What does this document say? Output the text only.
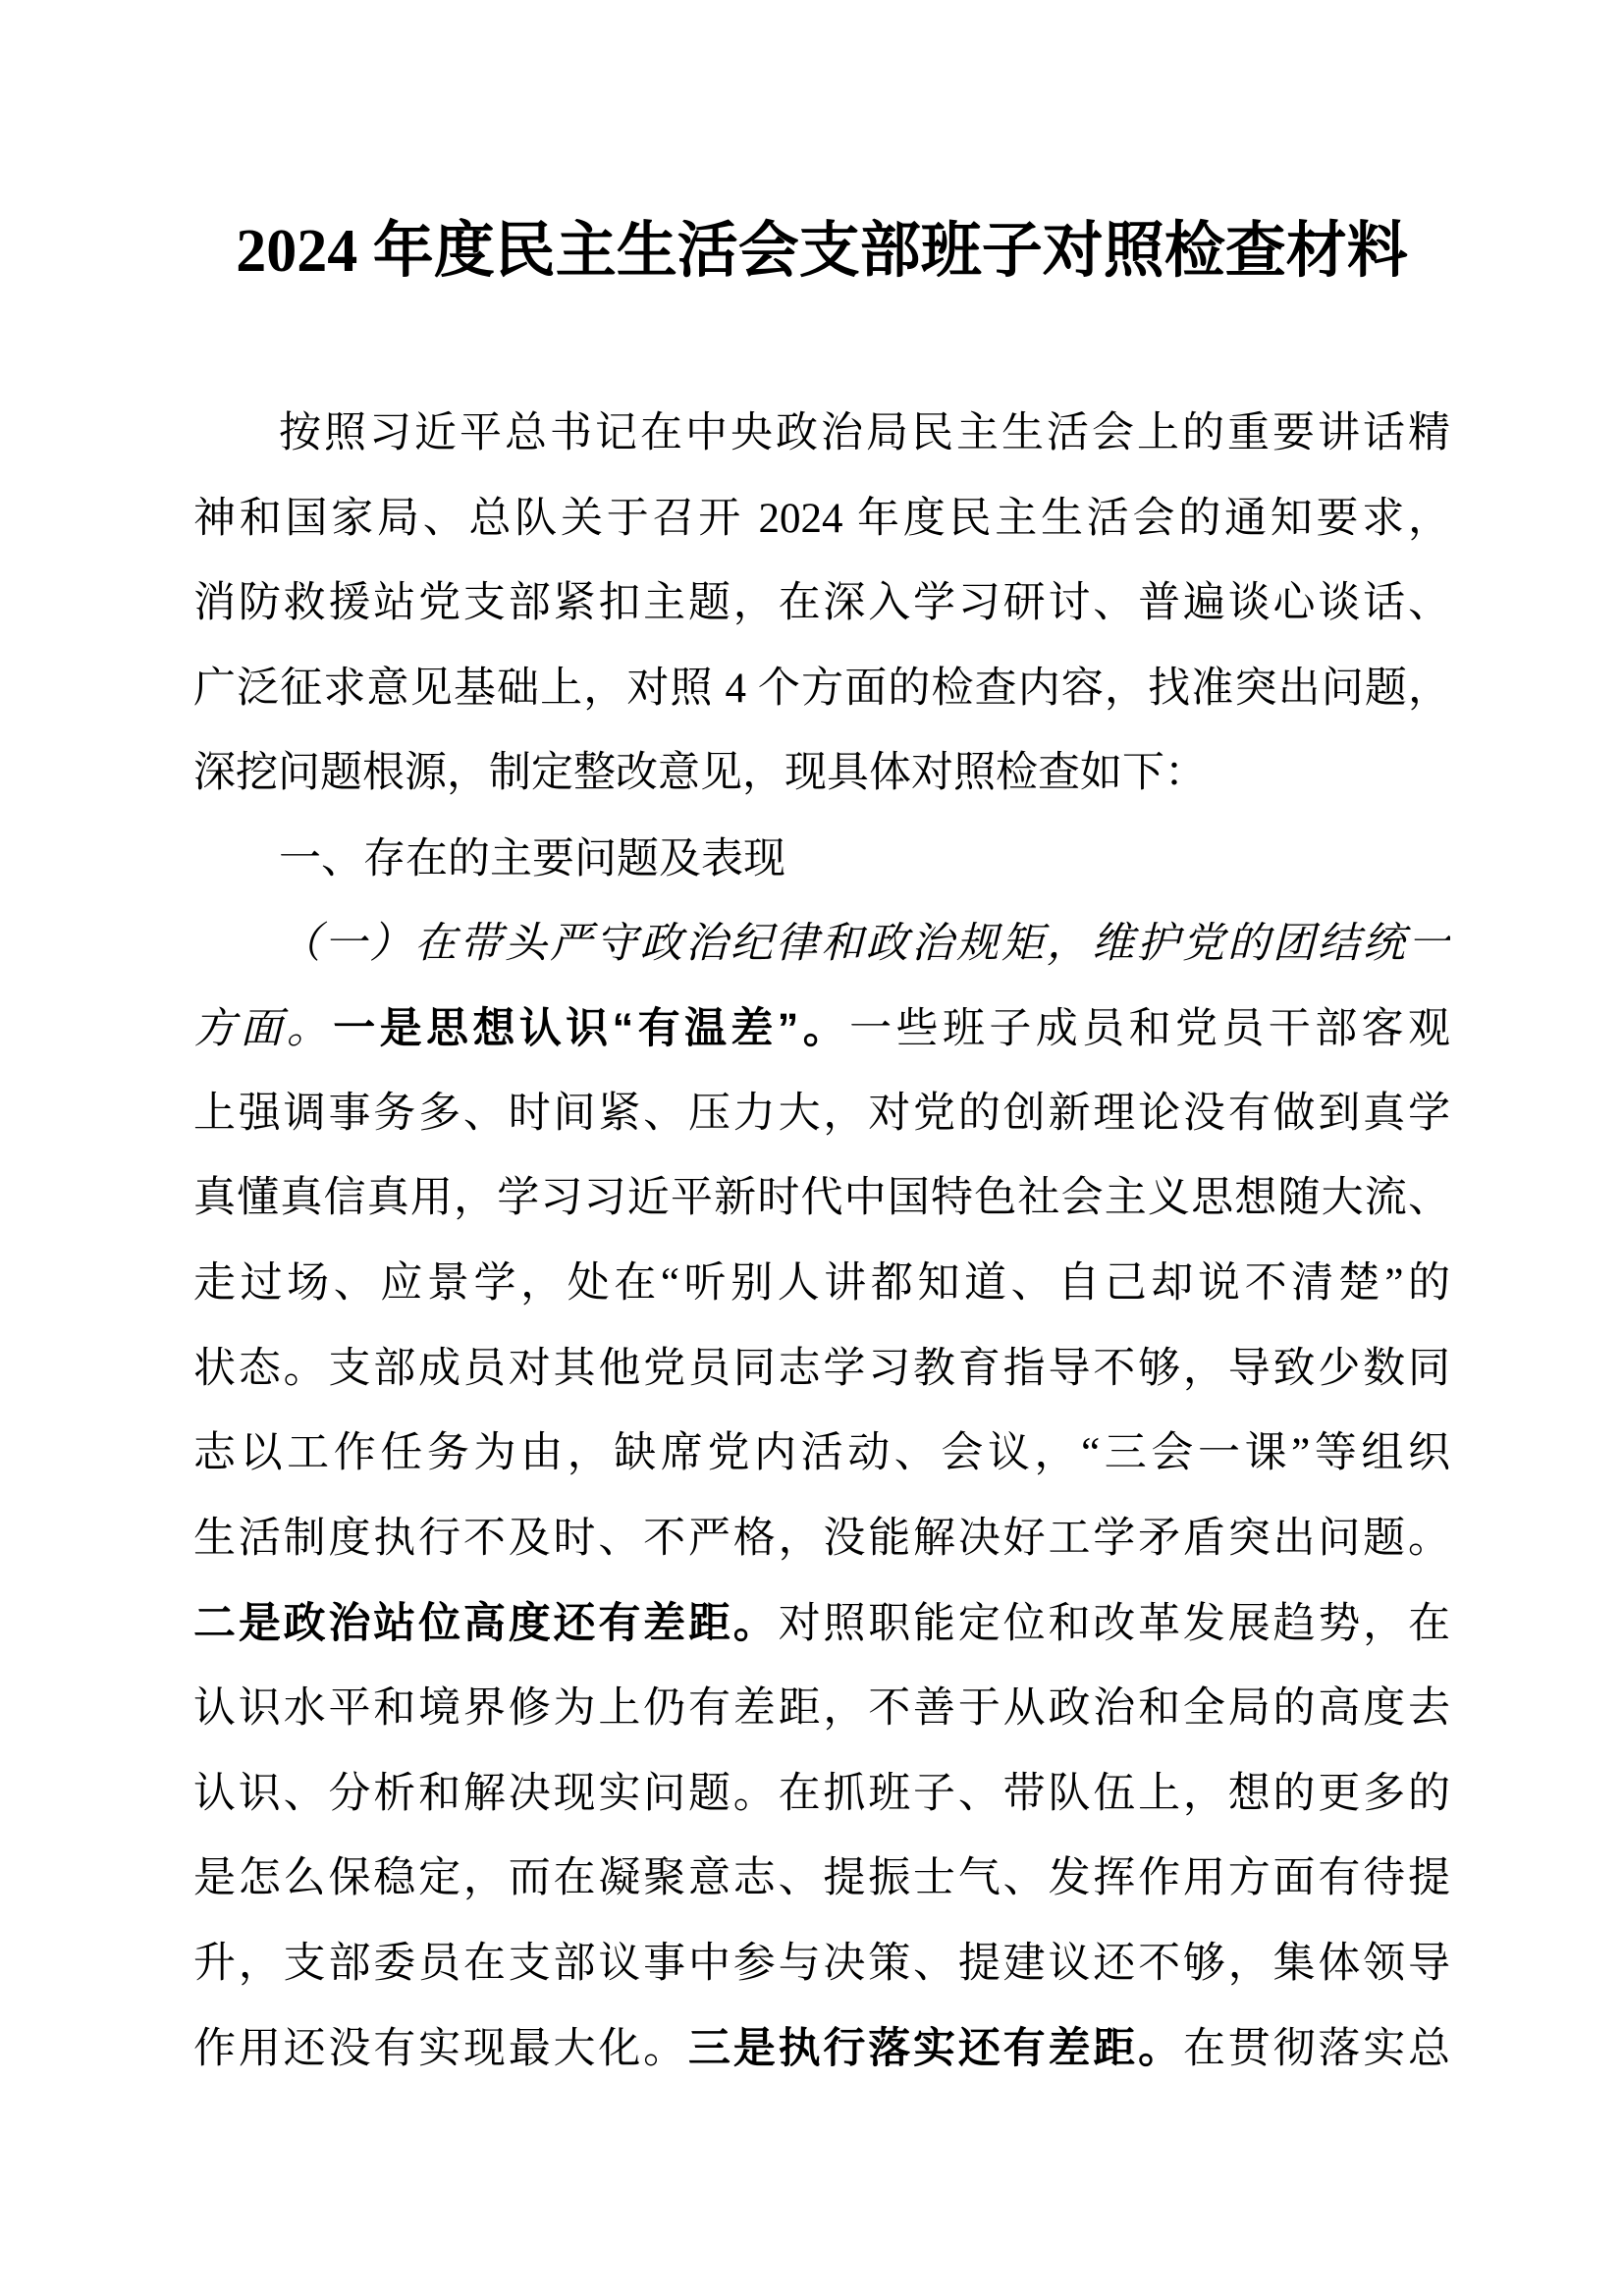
2024 年度民主生活会支部班子对照检查材料
按照习近平总书记在中央政治局民主生活会上的重要讲话精
神和国家局、总队关于召开 2024 年度民主生活会的通知要求，
消防救援站党支部紧扣主题，在深入学习研讨、普遍谈心谈话、
广泛征求意见基础上，对照 4 个方面的检查内容，找准突出问题，
深挖问题根源，制定整改意见，现具体对照检查如下：
一、存在的主要问题及表现
（一）在带头严守政治纪律和政治规矩，维护党的团结统一
方面。一是思想认识“有温差”。一些班子成员和党员干部客观
上强调事务多、时间紧、压力大，对党的创新理论没有做到真学
真懂真信真用，学习习近平新时代中国特色社会主义思想随大流、
走过场、应景学，处在“听别人讲都知道、自己却说不清楚”的
状态。支部成员对其他党员同志学习教育指导不够，导致少数同
志以工作任务为由，缺席党内活动、会议，“三会一课”等组织
生活制度执行不及时、不严格，没能解决好工学矛盾突出问题。
二是政治站位高度还有差距。对照职能定位和改革发展趋势，在
认识水平和境界修为上仍有差距，不善于从政治和全局的高度去
认识、分析和解决现实问题。在抓班子、带队伍上，想的更多的
是怎么保稳定，而在凝聚意志、提振士气、发挥作用方面有待提
升，支部委员在支部议事中参与决策、提建议还不够，集体领导
作用还没有实现最大化。三是执行落实还有差距。在贯彻落实总
